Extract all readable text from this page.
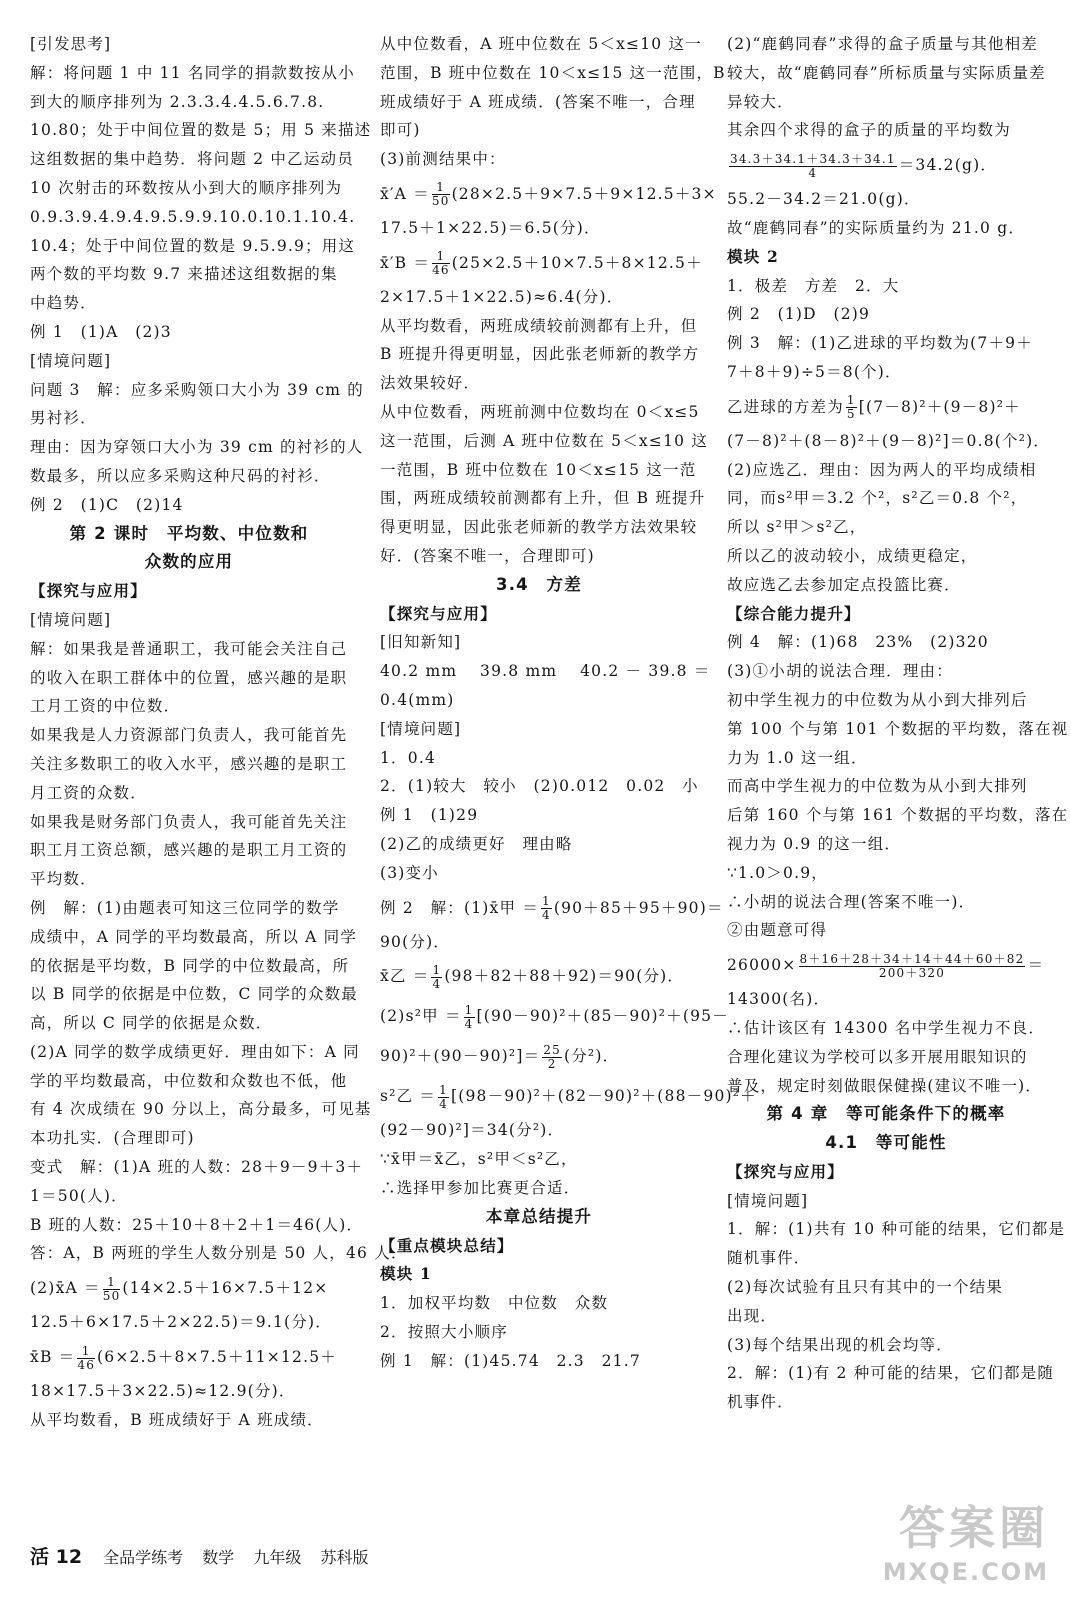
[引发思考]
解：将问题 1 中 11 名同学的捐款数按从小
到大的顺序排列为 2.3.3.4.4.5.6.7.8.
10.80；处于中间位置的数是 5；用 5 来描述
这组数据的集中趋势．将问题 2 中乙运动员
10 次射击的环数按从小到大的顺序排列为
0.9.3.9.4.9.4.9.5.9.9.10.0.10.1.10.4.
10.4；处于中间位置的数是 9.5.9.9；用这
两个数的平均数 9.7 来描述这组数据的集
中趋势．
例 1　(1)A　(2)3
[情境问题]
问题 3　解：应多采购领口大小为 39 cm 的
男衬衫．
理由：因为穿领口大小为 39 cm 的衬衫的人
数最多，所以应多采购这种尺码的衬衫．
例 2　(1)C　(2)14
第 2 课时　平均数、中位数和
众数的应用
【探究与应用】
[情境问题]
解：如果我是普通职工，我可能会关注自己
的收入在职工群体中的位置，感兴趣的是职
工月工资的中位数．
如果我是人力资源部门负责人，我可能首先
关注多数职工的收入水平，感兴趣的是职工
月工资的众数．
如果我是财务部门负责人，我可能首先关注
职工月工资总额，感兴趣的是职工月工资的
平均数．
例　解：(1)由题表可知这三位同学的数学
成绩中，A 同学的平均数最高，所以 A 同学
的依据是平均数，B 同学的中位数最高，所
以 B 同学的依据是中位数，C 同学的众数最
高，所以 C 同学的依据是众数．
(2)A 同学的数学成绩更好．理由如下：A 同
学的平均数最高，中位数和众数也不低，他
有 4 次成绩在 90 分以上，高分最多，可见基
本功扎实．(合理即可)
变式　解：(1)A 班的人数：28＋9－9＋3＋
1＝50(人)．
B 班的人数：25＋10＋8＋2＋1＝46(人)．
答：A，B 两班的学生人数分别是 50 人，46 人．
(2)x̄A ＝ $\frac{1}{50} (14\times 2.5+16\times 7.5+12\times$
12.5＋6×17.5＋2×22.5)＝9.1(分)．
x̄B ＝ $\frac{1}{46} (6\times 2.5+8\times 7.5+11\times 12.5+$
18×17.5＋3×22.5)≈12.9(分)．
从平均数看，B 班成绩好于 A 班成绩．
从中位数看，A 班中位数在 5＜x≤10 这一
范围，B 班中位数在 10＜x≤15 这一范围，B
班成绩好于 A 班成绩．(答案不唯一，合理
即可)
(3)前测结果中：
x̄′A ＝ $\frac{1}{50} (28\times 2.5+9\times 7.5+9\times 12.5+3\times$
17.5＋1×22.5)＝6.5(分)．
x̄′B ＝ $\frac{1}{46} (25\times 2.5+10\times 7.5+8\times 12.5+$
2×17.5＋1×22.5)≈6.4(分)．
从平均数看，两班成绩较前测都有上升，但
B 班提升得更明显，因此张老师新的教学方
法效果较好．
从中位数看，两班前测中位数均在 0＜x≤5
这一范围，后测 A 班中位数在 5＜x≤10 这
一范围，B 班中位数在 10＜x≤15 这一范
围，两班成绩较前测都有上升，但 B 班提升
得更明显，因此张老师新的教学方法效果较
好．(答案不唯一，合理即可)
3.4　方差
【探究与应用】
[旧知新知]
40.2 mm　 39.8 mm　 40.2 － 39.8 ＝
0.4(mm)
[情境问题]
1．0.4
2．(1)较大　较小　(2)0.012　0.02　小
例 1　(1)29
(2)乙的成绩更好　理由略
(3)变小
例 2　解：(1)x̄甲 ＝ $\frac{1}{4} (90+85+95+90)=$
90(分)．
x̄乙 ＝ $\frac{1}{4} (98+82+88+92)=90$(分)．
(2)s²甲 ＝ $\frac{1}{4} [(90-90)^2+(85-90)^2+(95-$
$90)^2+(90-90)^2]= \frac{25}{2}$ (分²)．
s²乙 ＝ $\frac{1}{4} [(98-90)^2+(82-90)^2+(88-90)^2+$
(92－90)²]＝34(分²)．
∵x̄甲＝x̄乙，s²甲＜s²乙，
∴选择甲参加比赛更合适．
本章总结提升
【重点模块总结】
模块 1
1．加权平均数　中位数　众数
2．按照大小顺序
例 1　解：(1)45.74　2.3　21.7
(2)“鹿鹤同春”求得的盒子质量与其他相差
较大，故“鹿鹤同春”所标质量与实际质量差
异较大．
其余四个求得的盒子的质量的平均数为
$\frac{34.3+34.1+34.3+34.1}{4} =34.2(g)$．
55.2－34.2＝21.0(g)．
故“鹿鹤同春”的实际质量约为 21.0 g．
模块 2
1．极差　方差　2．大
例 2　(1)D　(2)9
例 3　解：(1)乙进球的平均数为(7＋9＋
7＋8＋9)÷5＝8(个)．
乙进球的方差为 $\frac{1}{5} [(7-8)^2+(9-8)^2+$
(7－8)²＋(8－8)²＋(9－8)²]＝0.8(个²)．
(2)应选乙．理由：因为两人的平均成绩相
同，而s²甲＝3.2 个²，s²乙＝0.8 个²，
所以 s²甲＞s²乙，
所以乙的波动较小，成绩更稳定，
故应选乙去参加定点投篮比赛．
【综合能力提升】
例 4　解：(1)68　23%　(2)320
(3)①小胡的说法合理．理由：
初中学生视力的中位数为从小到大排列后
第 100 个与第 101 个数据的平均数，落在视
力为 1.0 这一组．
而高中学生视力的中位数为从小到大排列
后第 160 个与第 161 个数据的平均数，落在
视力为 0.9 的这一组．
∵1.0＞0.9，
∴小胡的说法合理(答案不唯一)．
②由题意可得
$26000\times \frac{8+16+28+34+14+44+60+82}{200+320}$ ＝
14300(名)．
∴估计该区有 14300 名中学生视力不良．
合理化建议为学校可以多开展用眼知识的
普及，规定时刻做眼保健操(建议不唯一)．
第 4 章　等可能条件下的概率
4.1　等可能性
【探究与应用】
[情境问题]
1．解：(1)共有 10 种可能的结果，它们都是
随机事件．
(2)每次试验有且只有其中的一个结果
出现．
(3)每个结果出现的机会均等．
2．解：(1)有 2 种可能的结果，它们都是随
机事件．
活 12 全品学练考 数学 九年级 苏科版
答案圈
MXQE.COM
